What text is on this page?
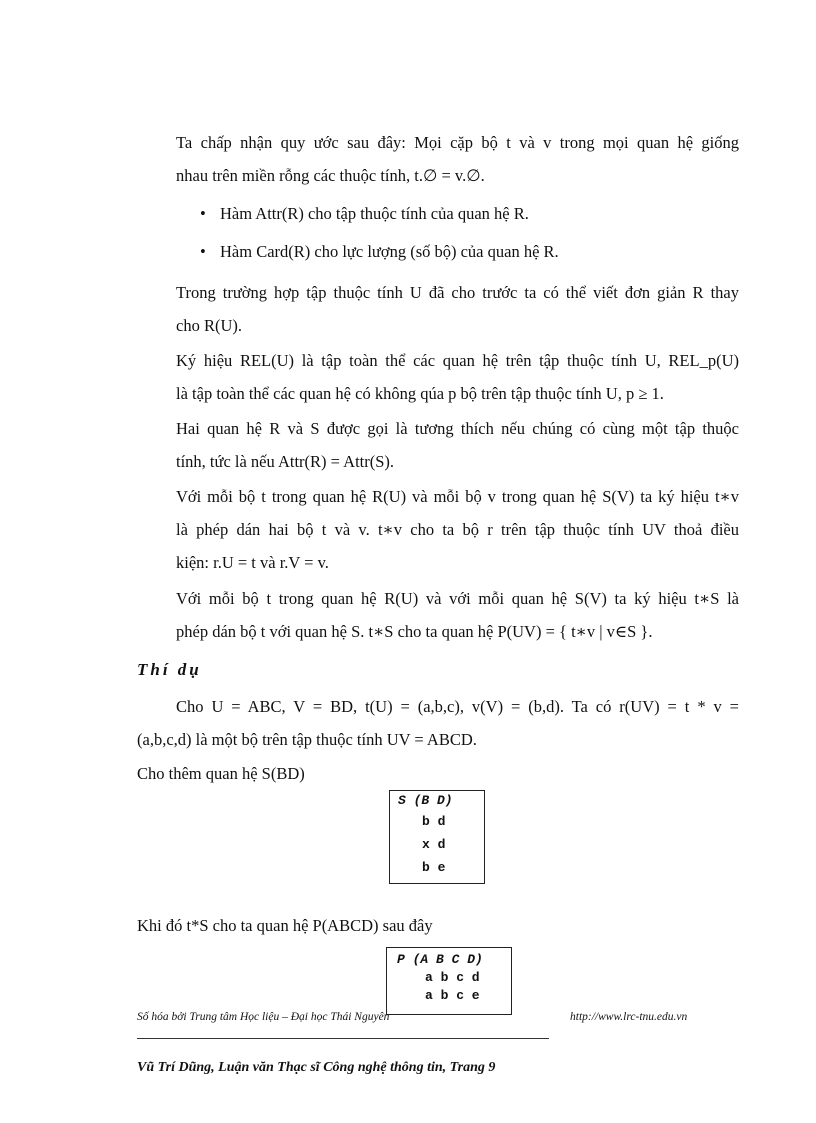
Ta chấp nhận quy ước sau đây: Mọi cặp bộ t và v trong mọi quan hệ giống
nhau trên miền rỗng các thuộc tính, t.∅ = v.∅.
• Hàm Attr(R) cho tập thuộc tính của quan hệ R.
• Hàm Card(R) cho lực lượng (số bộ) của quan hệ R.
Trong trường hợp tập thuộc tính U đã cho trước ta có thể viết đơn giản R thay
cho R(U).
Ký hiệu REL(U) là tập toàn thể các quan hệ trên tập thuộc tính U, REL_p(U)
là tập toàn thể các quan hệ có không qúa p bộ trên tập thuộc tính U, p ≥ 1.
Hai quan hệ R và S được gọi là tương thích nếu chúng có cùng một tập thuộc
tính, tức là nếu Attr(R) = Attr(S).
Với mỗi bộ t trong quan hệ R(U) và mỗi bộ v trong quan hệ S(V) ta ký hiệu t∗v
là phép dán hai bộ t và v. t∗v cho ta bộ r trên tập thuộc tính UV thoả điều
kiện: r.U = t và r.V = v.
Với mỗi bộ t trong quan hệ R(U) và với mỗi quan hệ S(V) ta ký hiệu t∗S là
phép dán bộ t với quan hệ S. t∗S cho ta quan hệ P(UV) = { t∗v | v∈S }.
Thí dụ
Cho U = ABC, V = BD, t(U) = (a,b,c), v(V) = (b,d). Ta có r(UV) = t * v =
(a,b,c,d) là một bộ trên tập thuộc tính UV = ABCD.
Cho thêm quan hệ S(BD)
S (B D)
b d
x d
b e
Khi đó t*S cho ta quan hệ P(ABCD) sau đây
P (A B C D)
a b c d
a b c e
Số hóa bởi Trung tâm Học liệu – Đại học Thái Nguyên	http://www.lrc-tnu.edu.vn
Vũ Trí Dũng, Luận văn Thạc sĩ Công nghệ thông tin, Trang 9
